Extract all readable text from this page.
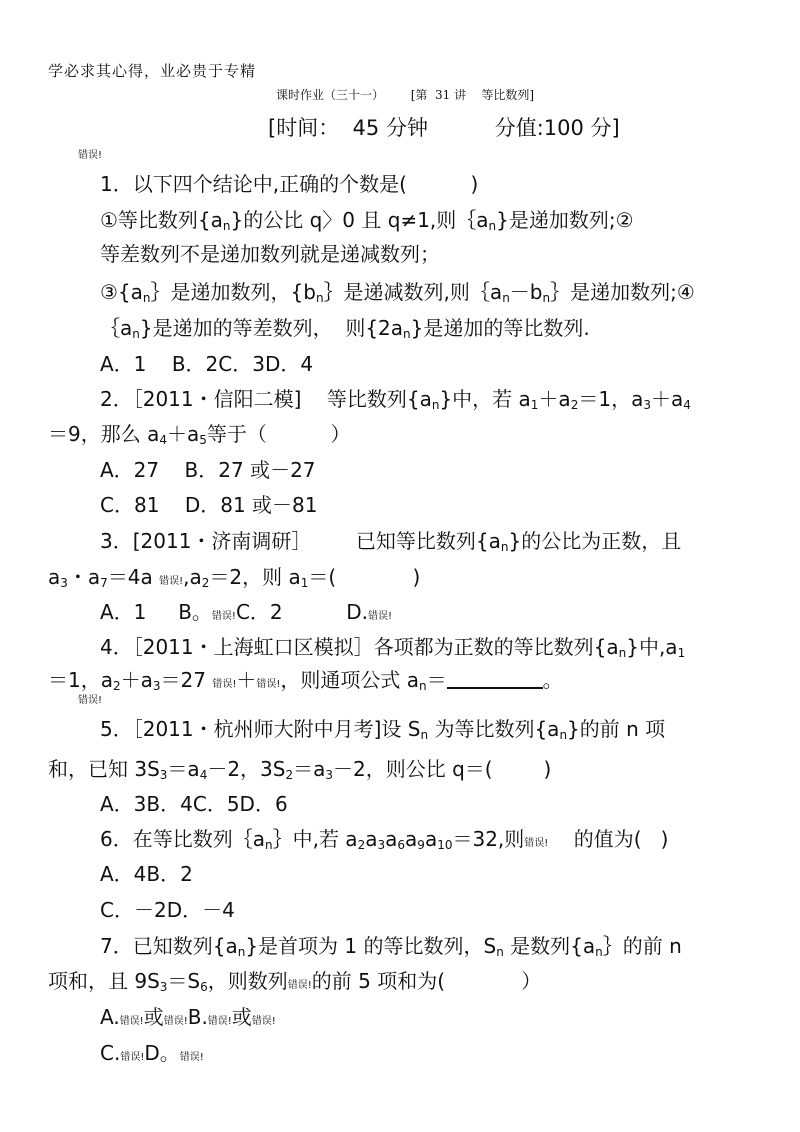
学必求其心得，业必贵于专精
课时作业（三十一）       [第  31 讲    等比数列]
[时间：  45 分钟          分值:100 分]
错误!
1．以下四个结论中,正确的个数是(          )
①等比数列$\{a_n\}$的公比 q〉0 且 q≠1,则$\{a_n$}是递加数列;②
等差数列不是递加数列就是递减数列；
$③\{a_n\}$是递加数列，{$b_n\}$是递减数列,则$\{a_n-b_n\}$是递加数列;④
$\{a_n$}是递加的等差数列，  则$\{2a_n\}$是递加的等比数列.
A．1    B．2C．3D．4
2．［2011・信阳二模]    等比数列$\{a_n\}$中，若 $a_1+a_2=1$，$a_3+a_4$
＝9，那么 $a_4+a_5$等于（          ）
A．27    B．27 或－27
C．81    D．81 或－81
3．[2011・济南调研］       已知等比数列$\{a_n\}$的公比为正数，且
$a_3$・$a_7=4a$ 错误$!,a_2=2$，则 $a_1=$(            )
A．1     B。错误!C．2          D.错误!
4．［2011・上海虹口区模拟］各项都为正数的等比数列$\{a_n\}$中$,a_1$
＝1，$a_2+a_3=27$ 错误!＋错误!，则通项公式 $a_n=$	。
错误!
5．［2011・杭州师大附中月考]设 $S_n$ 为等比数列$\{a_n\}$的前 n 项
和，已知 $3S_3=a_4-2$，$3S_2=a_3-2$，则公比 q＝(        )
A．3B．4C．5D．6
6．在等比数列$\{a_n\}$中,若 $a_2a_3a_6a_9a_{10}=32$,则错误!    的值为(   )
A．4B．2
C．－2D．－4
7．已知数列$\{a_n\}$是首项为 1 的等比数列，$S_n$ 是数列{$a_n\}$的前 n
项和，且 $9S_3=S_6$，则数列错误!的前 5 项和为(            ）
A.错误!或错误!B.错误!或错误!
C.错误!D。错误!
